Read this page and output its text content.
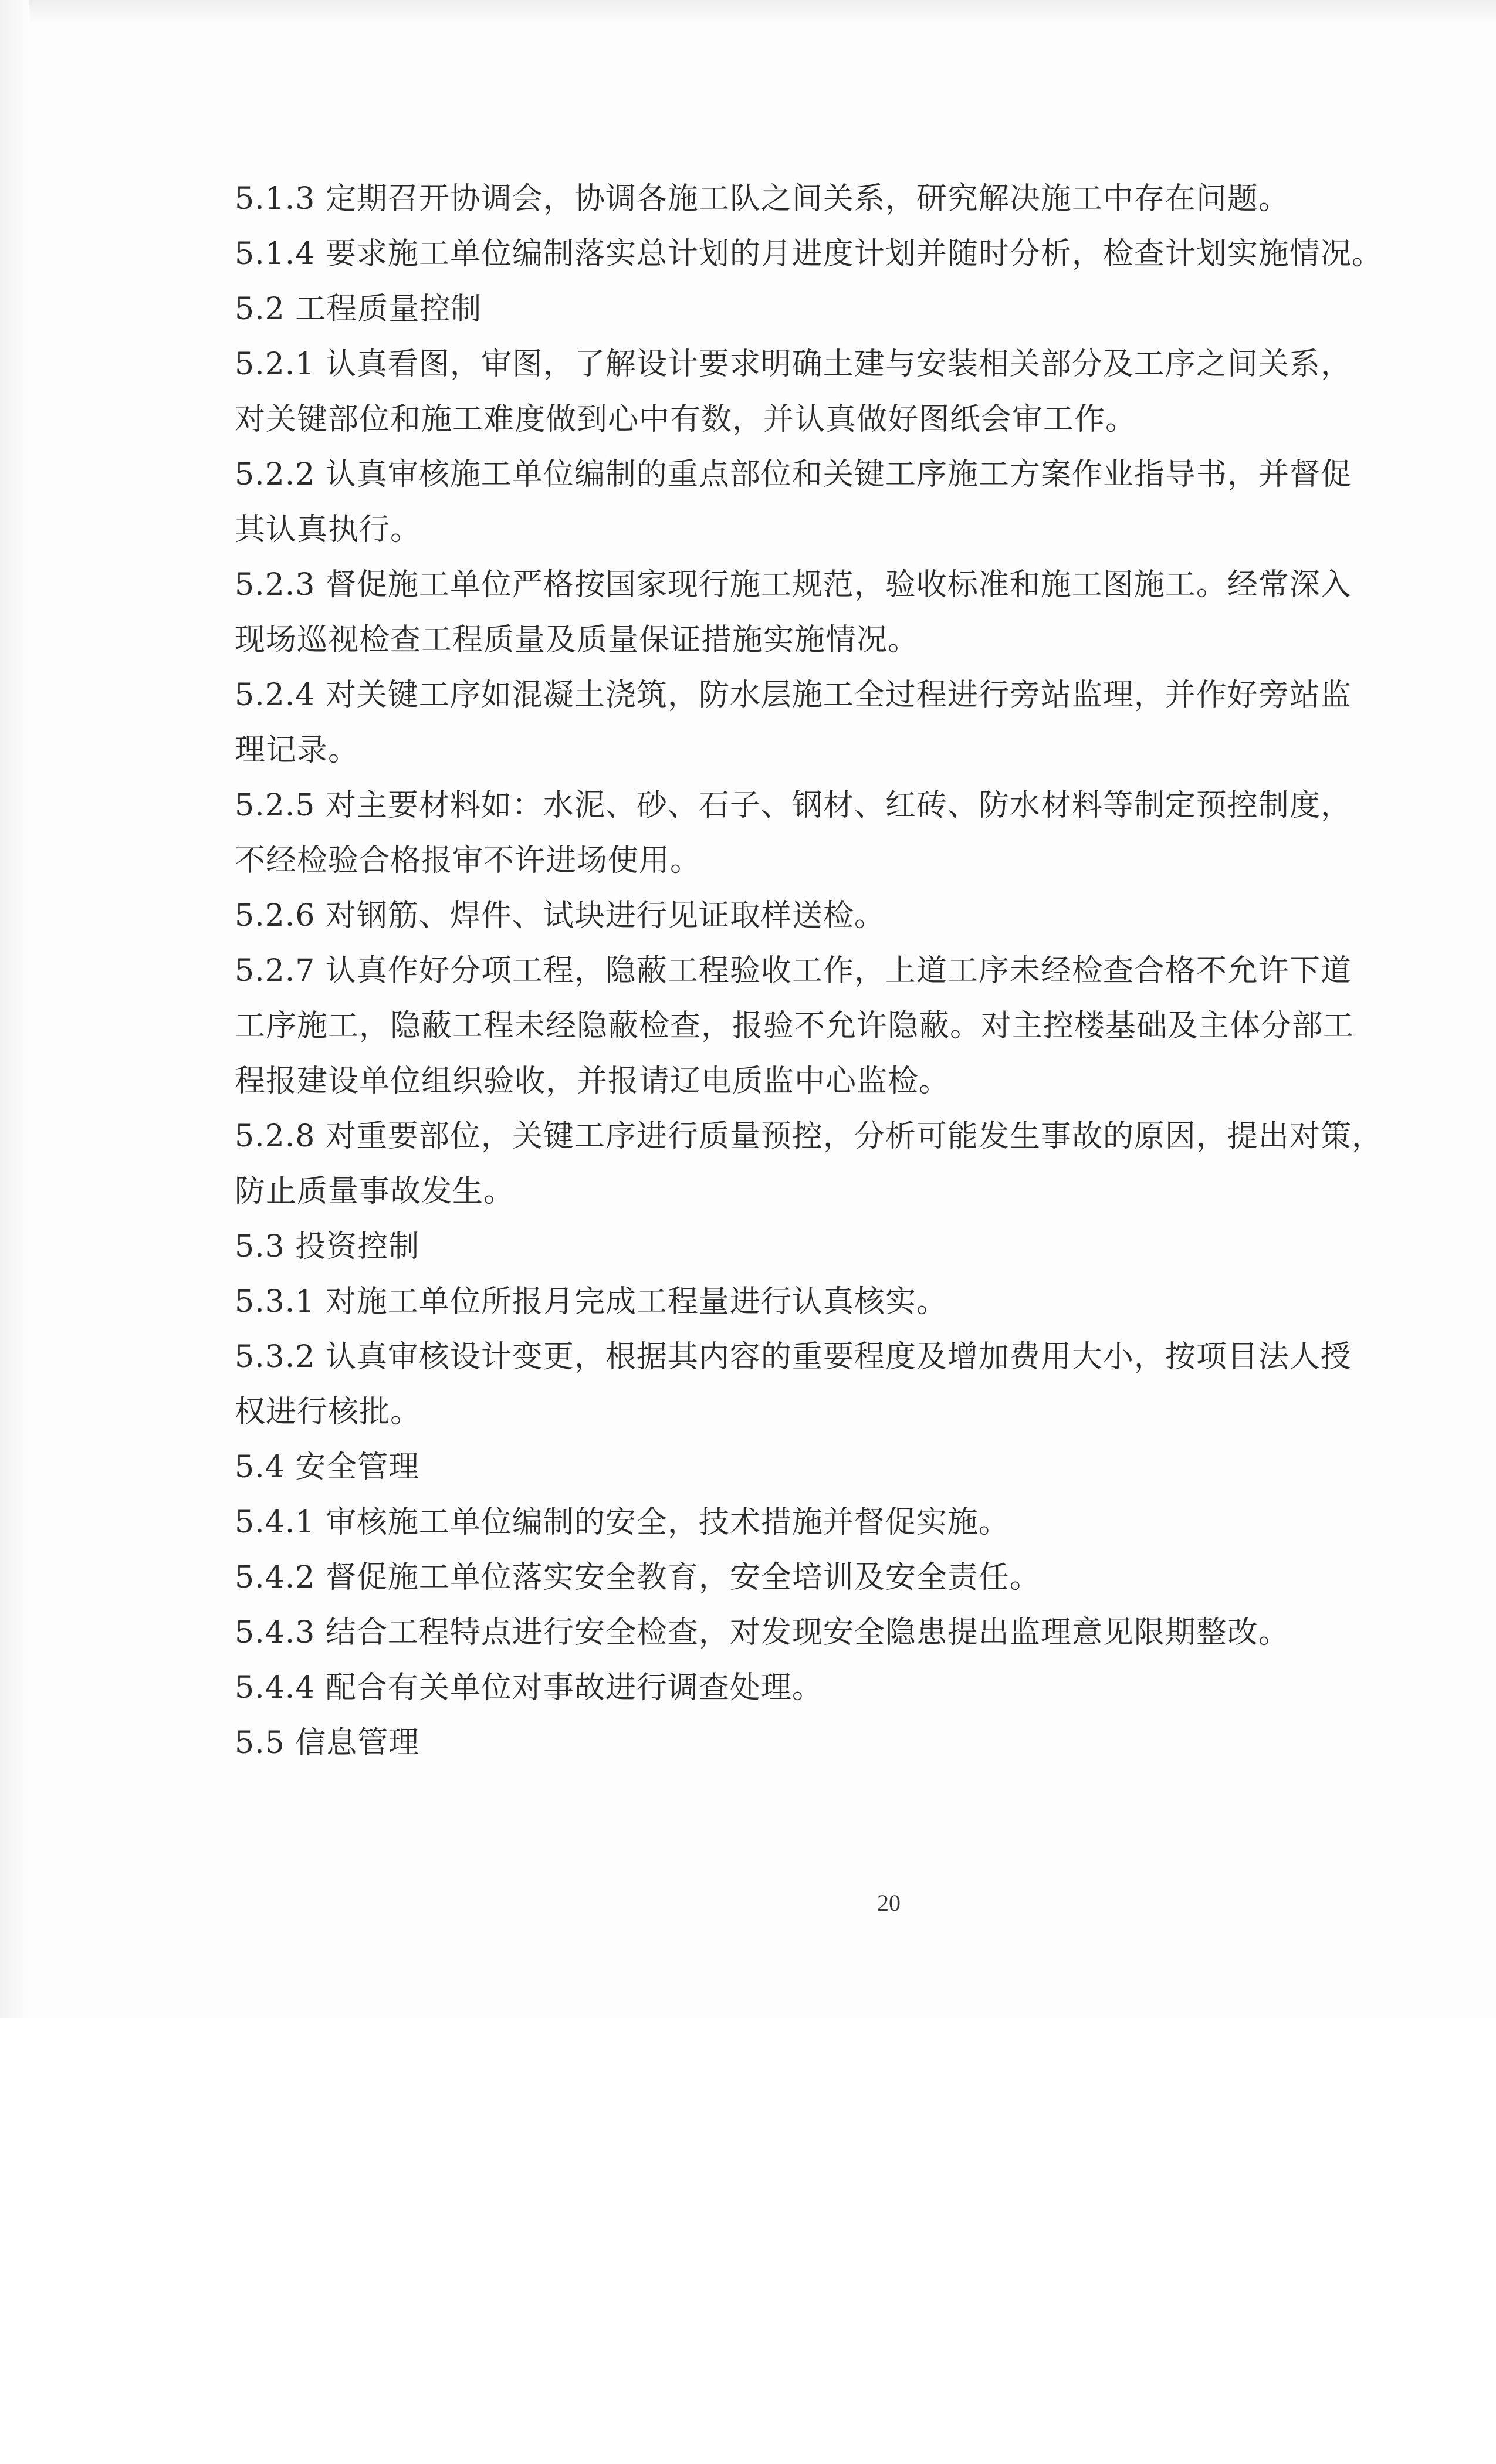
5.1.3 定期召开协调会，协调各施工队之间关系，研究解决施工中存在问题。

5.1.4 要求施工单位编制落实总计划的月进度计划并随时分析，检查计划实施情况。

5.2 工程质量控制

5.2.1 认真看图，审图，了解设计要求明确土建与安装相关部分及工序之间关系，
对关键部位和施工难度做到心中有数，并认真做好图纸会审工作。

5.2.2 认真审核施工单位编制的重点部位和关键工序施工方案作业指导书，并督促
其认真执行。

5.2.3 督促施工单位严格按国家现行施工规范，验收标准和施工图施工。经常深入
现场巡视检查工程质量及质量保证措施实施情况。

5.2.4 对关键工序如混凝土浇筑，防水层施工全过程进行旁站监理，并作好旁站监
理记录。

5.2.5 对主要材料如：水泥、砂、石子、钢材、红砖、防水材料等制定预控制度，
不经检验合格报审不许进场使用。

5.2.6 对钢筋、焊件、试块进行见证取样送检。

5.2.7 认真作好分项工程，隐蔽工程验收工作，上道工序未经检查合格不允许下道
工序施工，隐蔽工程未经隐蔽检查，报验不允许隐蔽。对主控楼基础及主体分部工
程报建设单位组织验收，并报请辽电质监中心监检。

5.2.8 对重要部位，关键工序进行质量预控，分析可能发生事故的原因，提出对策，
防止质量事故发生。

5.3 投资控制

5.3.1 对施工单位所报月完成工程量进行认真核实。

5.3.2 认真审核设计变更，根据其内容的重要程度及增加费用大小，按项目法人授
权进行核批。

5.4 安全管理

5.4.1 审核施工单位编制的安全，技术措施并督促实施。

5.4.2 督促施工单位落实安全教育，安全培训及安全责任。

5.4.3 结合工程特点进行安全检查，对发现安全隐患提出监理意见限期整改。

5.4.4 配合有关单位对事故进行调查处理。

5.5 信息管理

20
